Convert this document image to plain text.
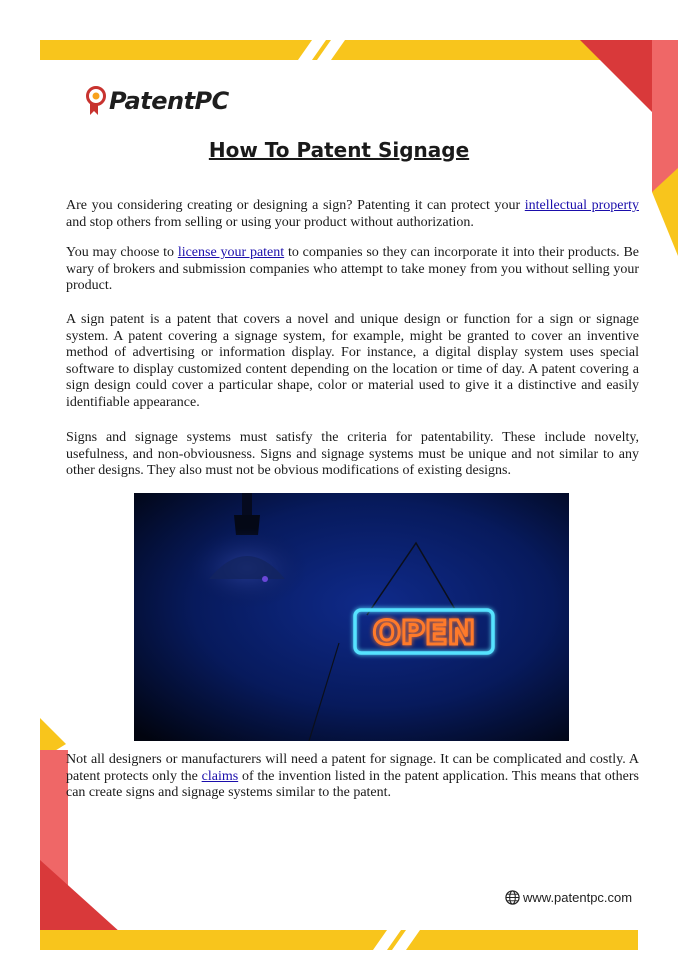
PatentPC
How To Patent Signage

Are you considering creating or designing a sign? Patenting it can protect your intellectual property and stop others from selling or using your product without authorization.

You may choose to license your patent to companies so they can incorporate it into their products. Be wary of brokers and submission companies who attempt to take money from you without selling your product.

A sign patent is a patent that covers a novel and unique design or function for a sign or signage system. A patent covering a signage system, for example, might be granted to cover an inventive method of advertising or information display. For instance, a digital display system uses special software to display customized content depending on the location or time of day. A patent covering a sign design could cover a particular shape, color or material used to give it a distinctive and easily identifiable appearance.

Signs and signage systems must satisfy the criteria for patentability. These include novelty, usefulness, and non-obviousness. Signs and signage systems must be unique and not similar to any other designs. They also must not be obvious modifications of existing designs.

OPEN

Not all designers or manufacturers will need a patent for signage. It can be complicated and costly. A patent protects only the claims of the invention listed in the patent application. This means that others can create signs and signage systems similar to the patent.

www.patentpc.com
